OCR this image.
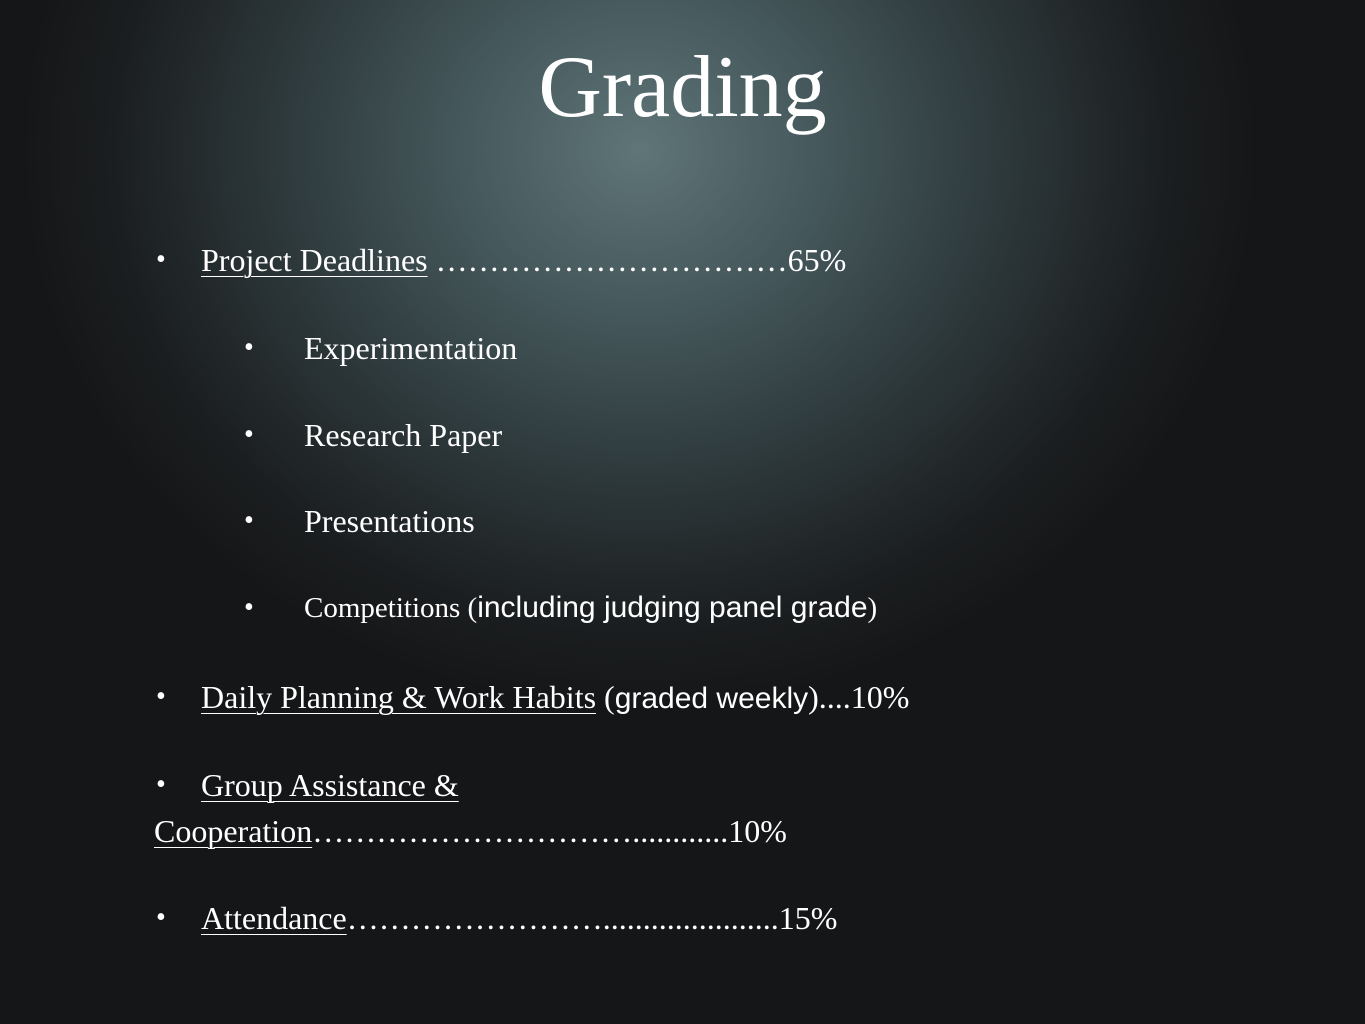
Grading
• Project Deadlines ……………………………65%
• Experimentation
• Research Paper
• Presentations
• Competitions (including judging panel grade)
• Daily Planning & Work Habits (graded weekly)....10%
• Group Assistance &
Cooperation…………………………............10%
• Attendance……………………......................15%
